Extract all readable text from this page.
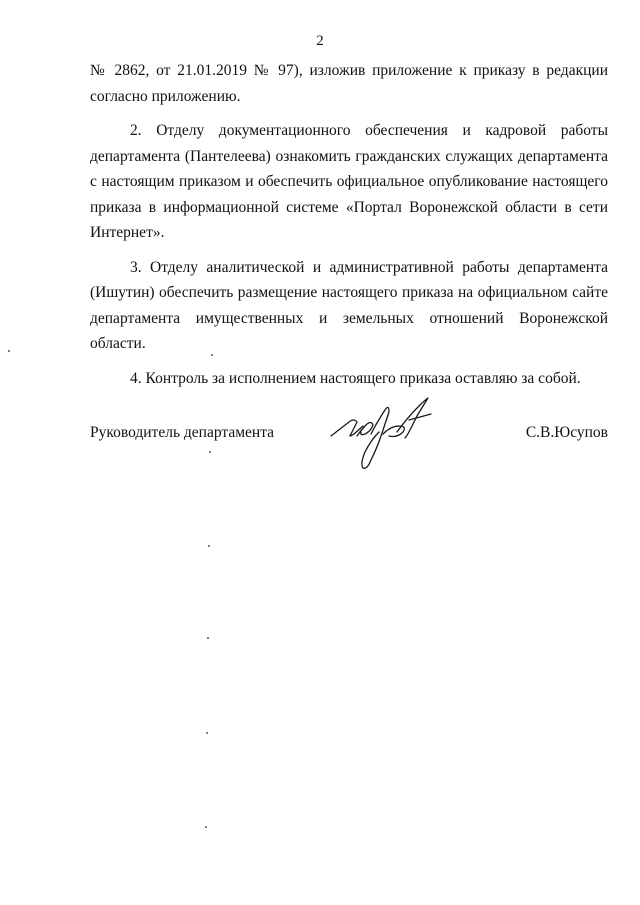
2

№ 2862, от 21.01.2019 № 97), изложив приложение к приказу в редакции согласно приложению.

2. Отделу документационного обеспечения и кадровой работы департамента (Пантелеева) ознакомить гражданских служащих департамента с настоящим приказом и обеспечить официальное опубликование настоящего приказа в информационной системе «Портал Воронежской области в сети Интернет».

3. Отделу аналитической и административной работы департамента (Ишутин) обеспечить размещение настоящего приказа на официальном сайте департамента имущественных и земельных отношений Воронежской области.

4. Контроль за исполнением настоящего приказа оставляю за собой.

Руководитель департамента	С.В.Юсупов
